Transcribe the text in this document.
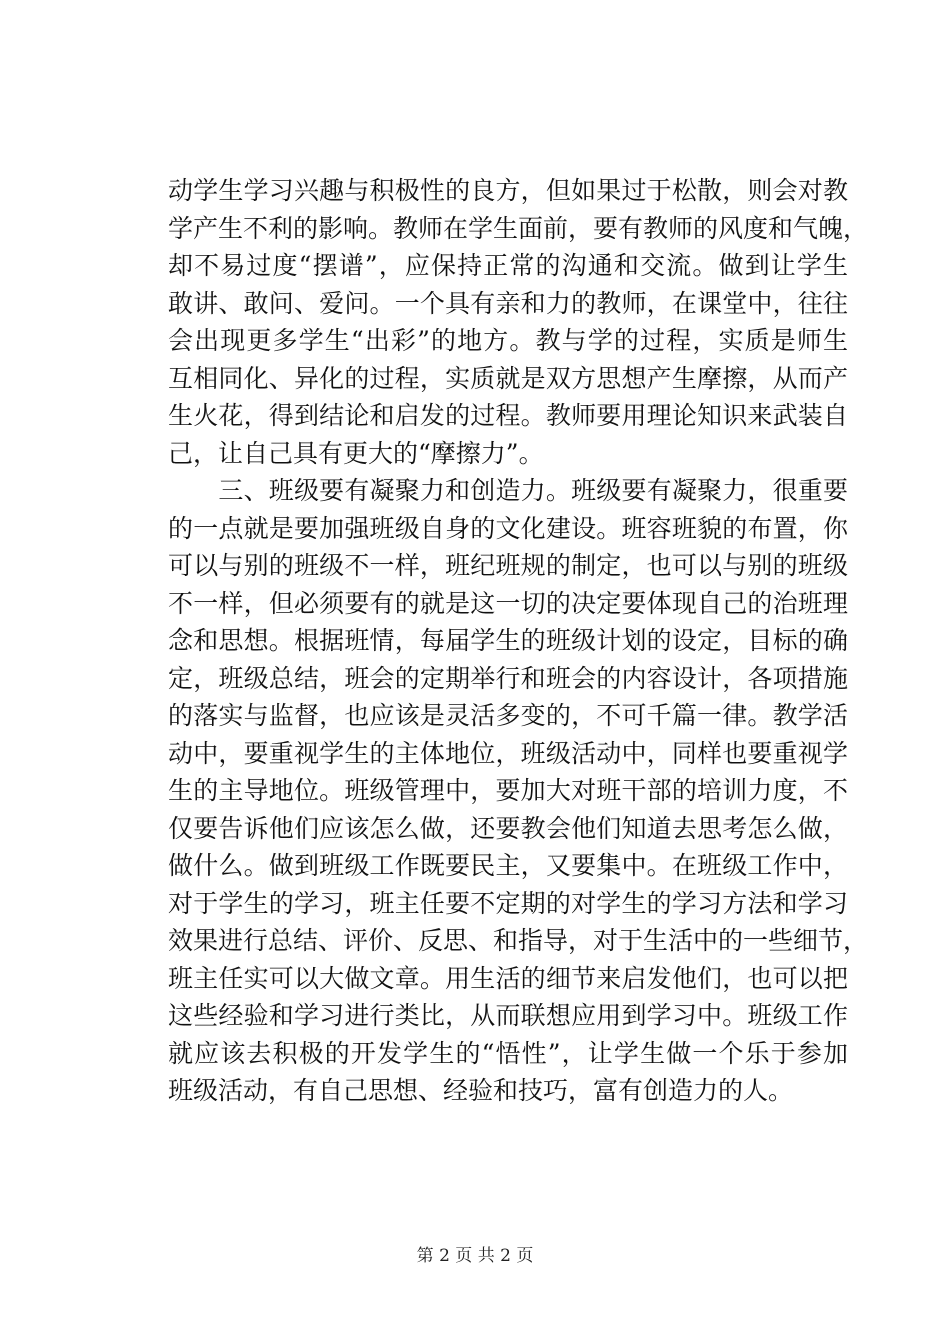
动学生学习兴趣与积极性的良方，但如果过于松散，则会对教
学产生不利的影响。教师在学生面前，要有教师的风度和气魄，
却不易过度“摆谱”，应保持正常的沟通和交流。做到让学生
敢讲、敢问、爱问。一个具有亲和力的教师，在课堂中，往往
会出现更多学生“出彩”的地方。教与学的过程，实质是师生
互相同化、异化的过程，实质就是双方思想产生摩擦，从而产
生火花，得到结论和启发的过程。教师要用理论知识来武装自
己，让自己具有更大的“摩擦力”。
　　三、班级要有凝聚力和创造力。班级要有凝聚力，很重要
的一点就是要加强班级自身的文化建设。班容班貌的布置，你
可以与别的班级不一样，班纪班规的制定，也可以与别的班级
不一样，但必须要有的就是这一切的决定要体现自己的治班理
念和思想。根据班情，每届学生的班级计划的设定，目标的确
定，班级总结，班会的定期举行和班会的内容设计，各项措施
的落实与监督，也应该是灵活多变的，不可千篇一律。教学活
动中，要重视学生的主体地位，班级活动中，同样也要重视学
生的主导地位。班级管理中，要加大对班干部的培训力度，不
仅要告诉他们应该怎么做，还要教会他们知道去思考怎么做，
做什么。做到班级工作既要民主，又要集中。在班级工作中，
对于学生的学习，班主任要不定期的对学生的学习方法和学习
效果进行总结、评价、反思、和指导，对于生活中的一些细节，
班主任实可以大做文章。用生活的细节来启发他们，也可以把
这些经验和学习进行类比，从而联想应用到学习中。班级工作
就应该去积极的开发学生的“悟性”，让学生做一个乐于参加
班级活动，有自己思想、经验和技巧，富有创造力的人。
第 2 页 共 2 页
